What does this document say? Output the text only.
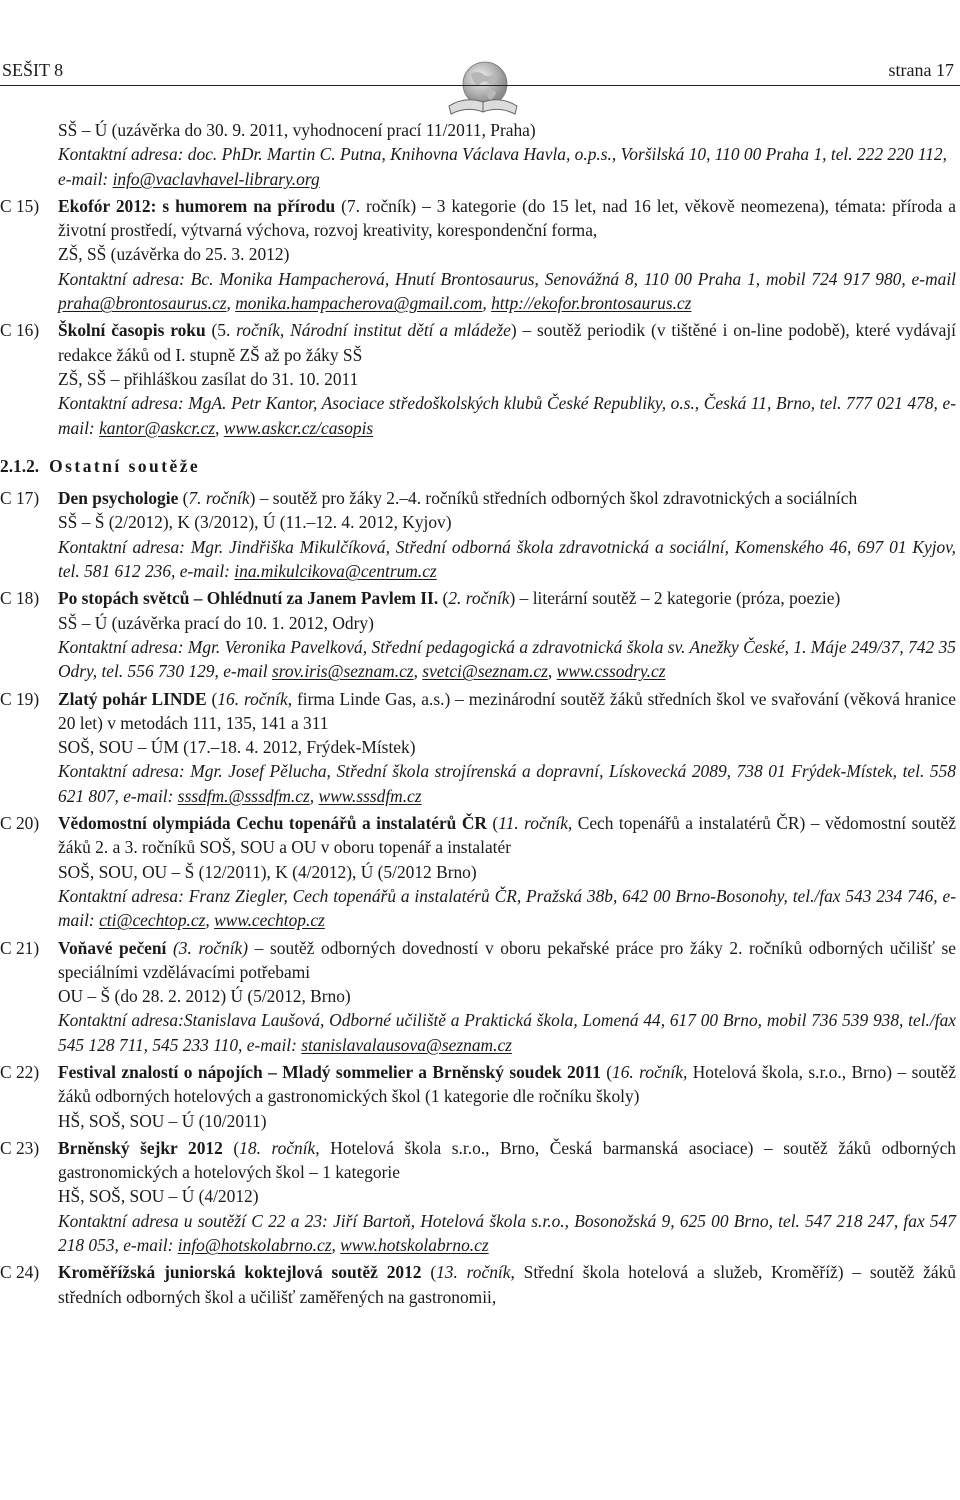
SEŠIT 8	strana 17
SŠ – Ú (uzávěrka do 30. 9. 2011, vyhodnocení prací 11/2011, Praha)
Kontaktní adresa: doc. PhDr. Martin C. Putna, Knihovna Václava Havla, o.p.s., Voršilská 10, 110 00 Praha 1, tel. 222 220 112, e-mail: info@vaclavhavel-library.org
C 15) Ekofór 2012: s humorem na přírodu (7. ročník) – 3 kategorie (do 15 let, nad 16 let, věkově neomezena), témata: příroda a životní prostředí, výtvarná výchova, rozvoj kreativity, korespondenční forma,
ZŠ, SŠ (uzávěrka do 25. 3. 2012)
Kontaktní adresa: Bc. Monika Hampacherová, Hnutí Brontosaurus, Senovážná 8, 110 00 Praha 1, mobil 724 917 980, e-mail praha@brontosaurus.cz, monika.hampacherova@gmail.com, http://ekofor.brontosaurus.cz
C 16) Školní časopis roku (5. ročník, Národní institut dětí a mládeže) – soutěž periodik (v tištěné i on-line podobě), které vydávají redakce žáků od I. stupně ZŠ až po žáky SŠ
ZŠ, SŠ – přihláškou zasílat do 31. 10. 2011
Kontaktní adresa: MgA. Petr Kantor, Asociace středoškolských klubů České Republiky, o.s., Česká 11, Brno, tel. 777 021 478, e-mail: kantor@askcr.cz, www.askcr.cz/casopis
2.1.2. Ostatní soutěže
C 17) Den psychologie (7. ročník) – soutěž pro žáky 2.–4. ročníků středních odborných škol zdravotnických a sociálních
SŠ – Š (2/2012), K (3/2012), Ú (11.–12. 4. 2012, Kyjov)
Kontaktní adresa: Mgr. Jindřiška Mikulčíková, Střední odborná škola zdravotnická a sociální, Komenského 46, 697 01 Kyjov, tel. 581 612 236, e-mail: ina.mikulcikova@centrum.cz
C 18) Po stopách světců – Ohlédnutí za Janem Pavlem II. (2. ročník) – literární soutěž – 2 kategorie (próza, poezie)
SŠ – Ú (uzávěrka prací do 10. 1. 2012, Odry)
Kontaktní adresa: Mgr. Veronika Pavelková, Střední pedagogická a zdravotnická škola sv. Anežky České, 1. Máje 249/37, 742 35 Odry, tel. 556 730 129, e-mail srov.iris@seznam.cz, svetci@seznam.cz, www.cssodry.cz
C 19) Zlatý pohár LINDE (16. ročník, firma Linde Gas, a.s.) – mezinárodní soutěž žáků středních škol ve svařování (věková hranice 20 let) v metodách 111, 135, 141 a 311
SOŠ, SOU – ÚM (17.–18. 4. 2012, Frýdek-Místek)
Kontaktní adresa: Mgr. Josef Pělucha, Střední škola strojírenská a dopravní, Lískovecká 2089, 738 01 Frýdek-Místek, tel. 558 621 807, e-mail: sssdfm.@sssdfm.cz, www.sssdfm.cz
C 20) Vědomostní olympiáda Cechu topenářů a instalatérů ČR (11. ročník, Cech topenářů a instalatérů ČR) – vědomostní soutěž žáků 2. a 3. ročníků SOŠ, SOU a OU v oboru topenář a instalatér
SOŠ, SOU, OU – Š (12/2011), K (4/2012), Ú (5/2012 Brno)
Kontaktní adresa: Franz Ziegler, Cech topenářů a instalatérů ČR, Pražská 38b, 642 00 Brno-Bosonohy, tel./fax 543 234 746, e-mail: cti@cechtop.cz, www.cechtop.cz
C 21) Voňavé pečení (3. ročník) – soutěž odborných dovedností v oboru pekařské práce pro žáky 2. ročníků odborných učilišť se speciálními vzdělávacími potřebami
OU – Š (do 28. 2. 2012) Ú (5/2012, Brno)
Kontaktní adresa:Stanislava Laušová, Odborné učiliště a Praktická škola, Lomená 44, 617 00 Brno, mobil 736 539 938, tel./fax 545 128 711, 545 233 110, e-mail: stanislavalausova@seznam.cz
C 22) Festival znalostí o nápojích – Mladý sommelier a Brněnský soudek 2011 (16. ročník, Hotelová škola, s.r.o., Brno) – soutěž žáků odborných hotelových a gastronomických škol (1 kategorie dle ročníku školy)
HŠ, SOŠ, SOU – Ú (10/2011)
C 23) Brněnský šejkr 2012 (18. ročník, Hotelová škola s.r.o., Brno, Česká barmanská asociace) – soutěž žáků odborných gastronomických a hotelových škol – 1 kategorie
HŠ, SOŠ, SOU – Ú (4/2012)
Kontaktní adresa u soutěží C 22 a 23: Jiří Bartoň, Hotelová škola s.r.o., Bosonožská 9, 625 00 Brno, tel. 547 218 247, fax 547 218 053, e-mail: info@hotskolabrno.cz, www.hotskolabrno.cz
C 24) Kroměřížská juniorská koktejlová soutěž 2012 (13. ročník, Střední škola hotelová a služeb, Kroměříž) – soutěž žáků středních odborných škol a učilišť zaměřených na gastronomii,
